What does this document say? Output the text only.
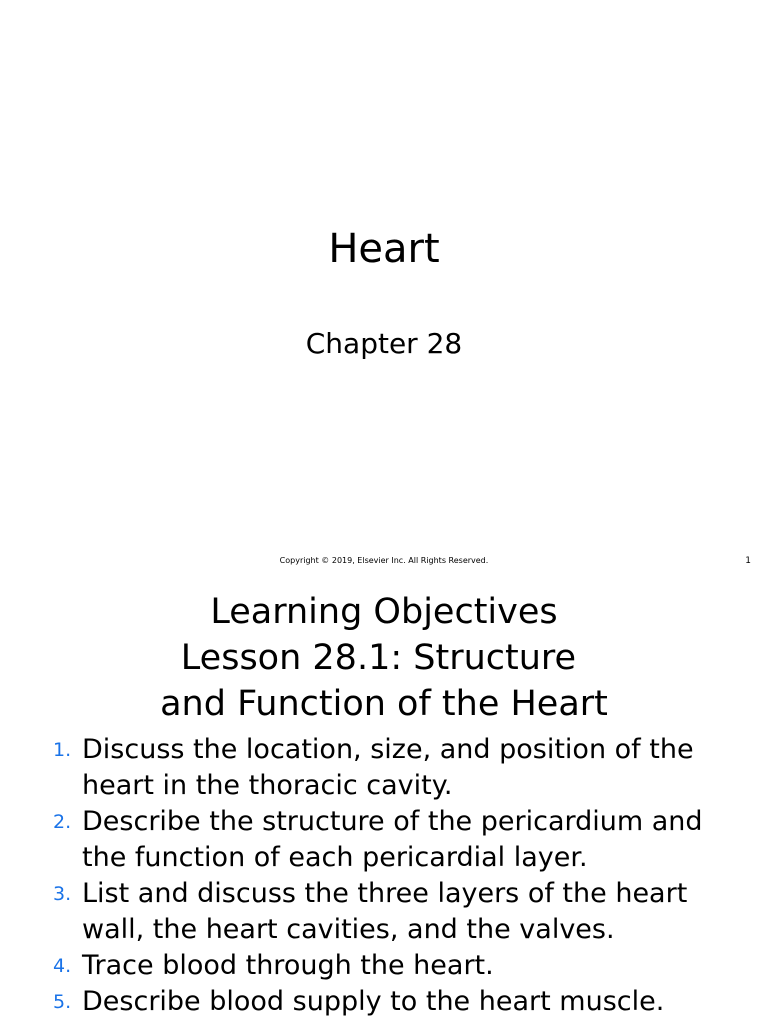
Heart
Chapter 28
Copyright © 2019, Elsevier Inc. All Rights Reserved.	1
Learning Objectives
Lesson 28.1: Structure
and Function of the Heart
1. Discuss the location, size, and position of the heart in the thoracic cavity.
2. Describe the structure of the pericardium and the function of each pericardial layer.
3. List and discuss the three layers of the heart wall, the heart cavities, and the valves.
4. Trace blood through the heart.
5. Describe blood supply to the heart muscle.
